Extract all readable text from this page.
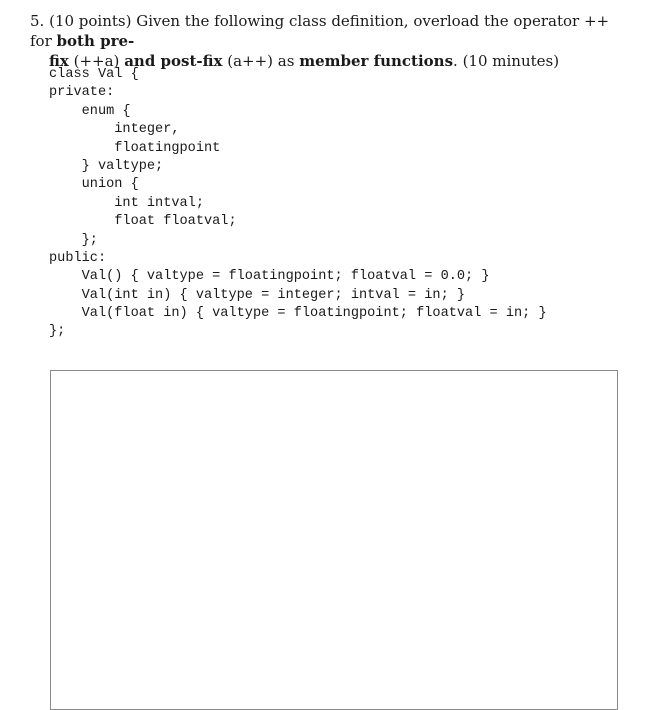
5. (10 points) Given the following class definition, overload the operator ++ for both pre-
fix (++a) and post-fix (a++) as member functions. (10 minutes)
class Val {
private:
enum {
integer,
floatingpoint
} valtype;
union {
int intval;
float floatval;
};
public:
Val() { valtype = floatingpoint; floatval = 0.0; }
Val(int in) { valtype = integer; intval = in; }
Val(float in) { valtype = floatingpoint; floatval = in; }
};
